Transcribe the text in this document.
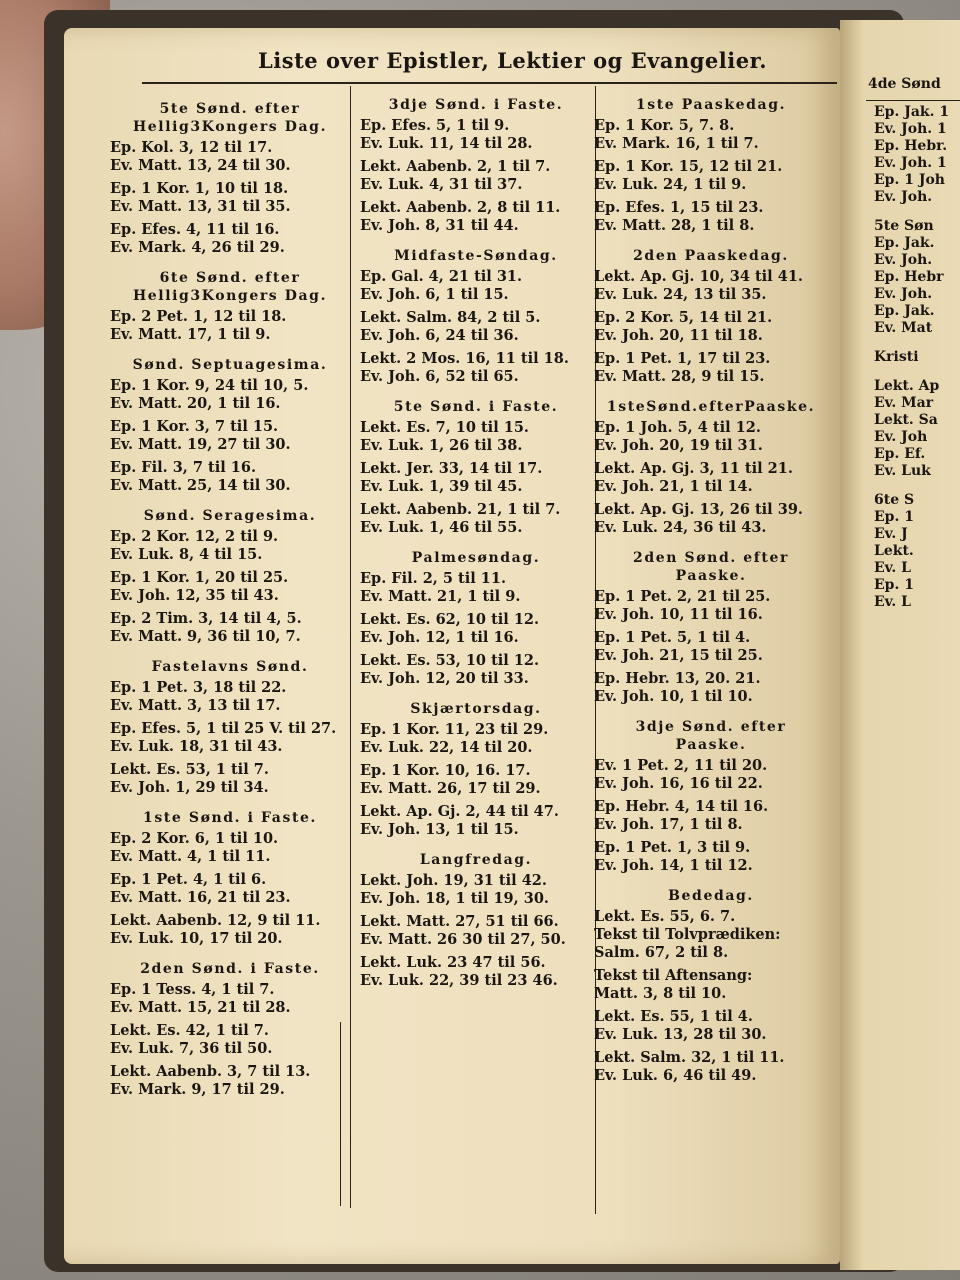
Liste over Epistler, Lektier og Evangelier.
5te Sønd. efter
Hellig3Kongers Dag.
Ep. Kol. 3, 12 til 17.
Ev. Matt. 13, 24 til 30.
Ep. 1 Kor. 1, 10 til 18.
Ev. Matt. 13, 31 til 35.
Ep. Efes. 4, 11 til 16.
Ev. Mark. 4, 26 til 29.
6te Sønd. efter
Hellig3Kongers Dag.
Ep. 2 Pet. 1, 12 til 18.
Ev. Matt. 17, 1 til 9.
Sønd. Septuagesima.
Ep. 1 Kor. 9, 24 til 10, 5.
Ev. Matt. 20, 1 til 16.
Ep. 1 Kor. 3, 7 til 15.
Ev. Matt. 19, 27 til 30.
Ep. Fil. 3, 7 til 16.
Ev. Matt. 25, 14 til 30.
Sønd. Seragesima.
Ep. 2 Kor. 12, 2 til 9.
Ev. Luk. 8, 4 til 15.
Ep. 1 Kor. 1, 20 til 25.
Ev. Joh. 12, 35 til 43.
Ep. 2 Tim. 3, 14 til 4, 5.
Ev. Matt. 9, 36 til 10, 7.
Fastelavns Sønd.
Ep. 1 Pet. 3, 18 til 22.
Ev. Matt. 3, 13 til 17.
Ep. Efes. 5, 1 til 25 V. til 27.
Ev. Luk. 18, 31 til 43.
Lekt. Es. 53, 1 til 7.
Ev. Joh. 1, 29 til 34.
1ste Sønd. i Faste.
Ep. 2 Kor. 6, 1 til 10.
Ev. Matt. 4, 1 til 11.
Ep. 1 Pet. 4, 1 til 6.
Ev. Matt. 16, 21 til 23.
Lekt. Aabenb. 12, 9 til 11.
Ev. Luk. 10, 17 til 20.
2den Sønd. i Faste.
Ep. 1 Tess. 4, 1 til 7.
Ev. Matt. 15, 21 til 28.
Lekt. Es. 42, 1 til 7.
Ev. Luk. 7, 36 til 50.
Lekt. Aabenb. 3, 7 til 13.
Ev. Mark. 9, 17 til 29.
3dje Sønd. i Faste.
Ep. Efes. 5, 1 til 9.
Ev. Luk. 11, 14 til 28.
Lekt. Aabenb. 2, 1 til 7.
Ev. Luk. 4, 31 til 37.
Lekt. Aabenb. 2, 8 til 11.
Ev. Joh. 8, 31 til 44.
Midfaste-Søndag.
Ep. Gal. 4, 21 til 31.
Ev. Joh. 6, 1 til 15.
Lekt. Salm. 84, 2 til 5.
Ev. Joh. 6, 24 til 36.
Lekt. 2 Mos. 16, 11 til 18.
Ev. Joh. 6, 52 til 65.
5te Sønd. i Faste.
Lekt. Es. 7, 10 til 15.
Ev. Luk. 1, 26 til 38.
Lekt. Jer. 33, 14 til 17.
Ev. Luk. 1, 39 til 45.
Lekt. Aabenb. 21, 1 til 7.
Ev. Luk. 1, 46 til 55.
Palmesøndag.
Ep. Fil. 2, 5 til 11.
Ev. Matt. 21, 1 til 9.
Lekt. Es. 62, 10 til 12.
Ev. Joh. 12, 1 til 16.
Lekt. Es. 53, 10 til 12.
Ev. Joh. 12, 20 til 33.
Skjærtorsdag.
Ep. 1 Kor. 11, 23 til 29.
Ev. Luk. 22, 14 til 20.
Ep. 1 Kor. 10, 16. 17.
Ev. Matt. 26, 17 til 29.
Lekt. Ap. Gj. 2, 44 til 47.
Ev. Joh. 13, 1 til 15.
Langfredag.
Lekt. Joh. 19, 31 til 42.
Ev. Joh. 18, 1 til 19, 30.
Lekt. Matt. 27, 51 til 66.
Ev. Matt. 26 30 til 27, 50.
Lekt. Luk. 23 47 til 56.
Ev. Luk. 22, 39 til 23 46.
1ste Paaskedag.
Ep. 1 Kor. 5, 7. 8.
Ev. Mark. 16, 1 til 7.
Ep. 1 Kor. 15, 12 til 21.
Ev. Luk. 24, 1 til 9.
Ep. Efes. 1, 15 til 23.
Ev. Matt. 28, 1 til 8.
2den Paaskedag.
Lekt. Ap. Gj. 10, 34 til 41.
Ev. Luk. 24, 13 til 35.
Ep. 2 Kor. 5, 14 til 21.
Ev. Joh. 20, 11 til 18.
Ep. 1 Pet. 1, 17 til 23.
Ev. Matt. 28, 9 til 15.
1steSønd.efterPaaske.
Ep. 1 Joh. 5, 4 til 12.
Ev. Joh. 20, 19 til 31.
Lekt. Ap. Gj. 3, 11 til 21.
Ev. Joh. 21, 1 til 14.
Lekt. Ap. Gj. 13, 26 til 39.
Ev. Luk. 24, 36 til 43.
2den Sønd. efter
Paaske.
Ep. 1 Pet. 2, 21 til 25.
Ev. Joh. 10, 11 til 16.
Ep. 1 Pet. 5, 1 til 4.
Ev. Joh. 21, 15 til 25.
Ep. Hebr. 13, 20. 21.
Ev. Joh. 10, 1 til 10.
3dje Sønd. efter
Paaske.
Ev. 1 Pet. 2, 11 til 20.
Ev. Joh. 16, 16 til 22.
Ep. Hebr. 4, 14 til 16.
Ev. Joh. 17, 1 til 8.
Ep. 1 Pet. 1, 3 til 9.
Ev. Joh. 14, 1 til 12.
Bededag.
Lekt. Es. 55, 6. 7.
Tekst til Tolvprædiken:
Salm. 67, 2 til 8.
Tekst til Aftensang:
Matt. 3, 8 til 10.
Lekt. Es. 55, 1 til 4.
Ev. Luk. 13, 28 til 30.
Lekt. Salm. 32, 1 til 11.
Ev. Luk. 6, 46 til 49.
4de Sønd
Ep. Jak. 1
Ev. Joh. 1
Ep. Hebr.
Ev. Joh. 1
Ep. 1 Joh
Ev. Joh.
5te Søn
Ep. Jak.
Ev. Joh.
Ep. Hebr
Ev. Joh.
Ep. Jak.
Ev. Mat
Kristi
Lekt. Ap
Ev. Mar
Lekt. Sa
Ev. Joh
Ep. Ef.
Ev. Luk
6te S
Ep. 1
Ev. J
Lekt.
Ev. L
Ep. 1
Ev. L
